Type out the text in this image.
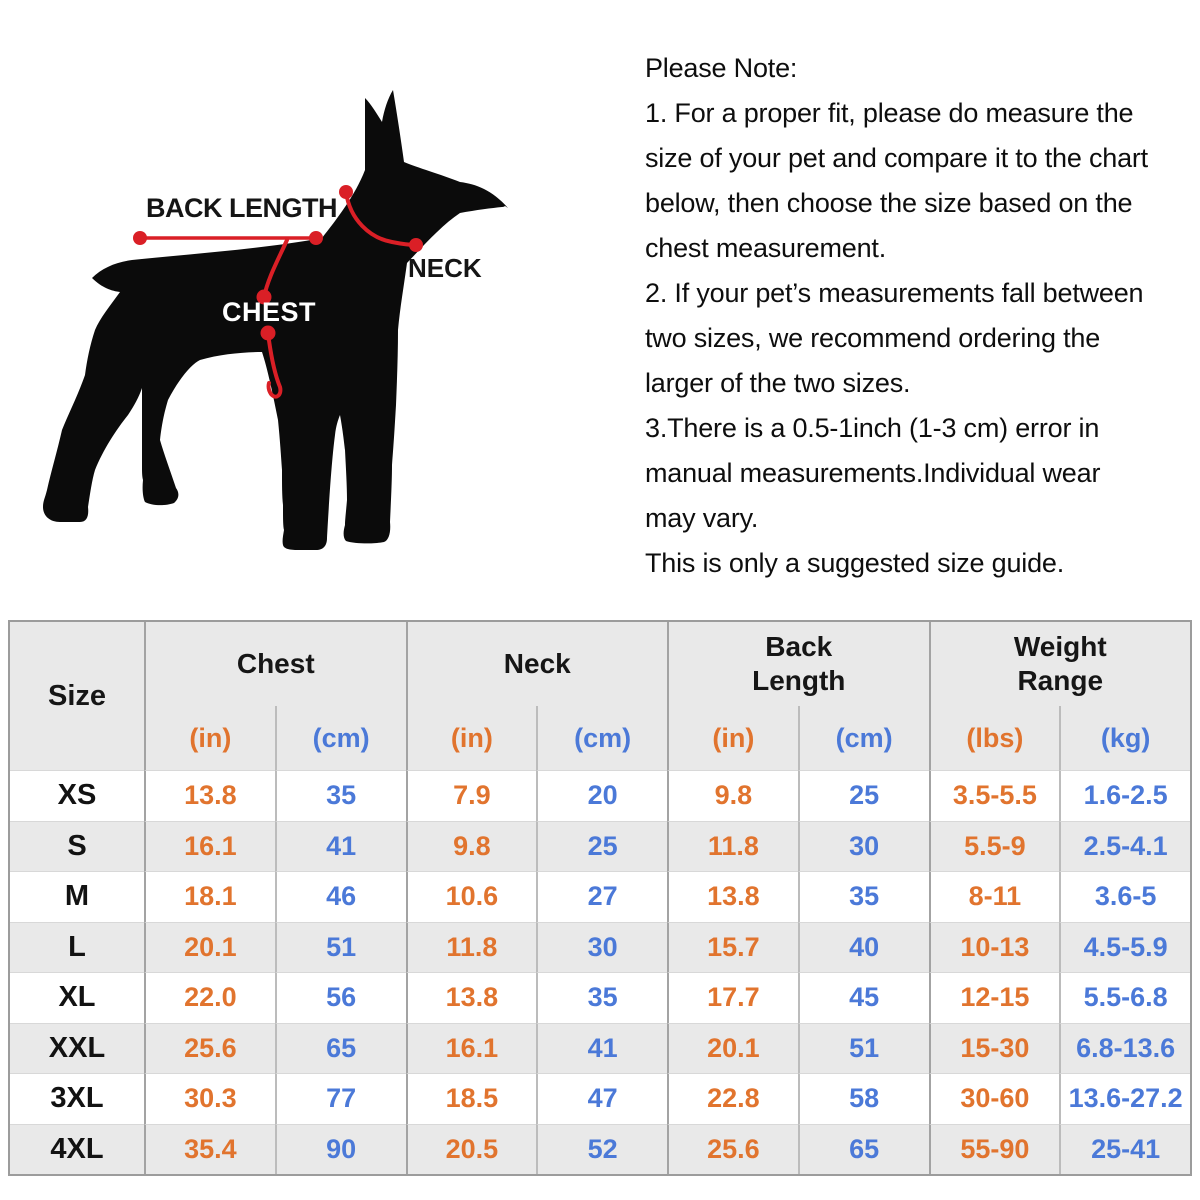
BACK LENGTH
NECK
CHEST
Please Note:
1. For a proper fit, please do measure the
size of your pet and compare it to the chart
below, then choose the size based on the
chest measurement.
2. If your pet’s measurements fall between
two sizes, we recommend ordering the
larger of the two sizes.
3.There is a 0.5-1inch (1-3 cm) error in
manual measurements.Individual wear
may vary.
This is only a suggested size guide.
Size
Chest	Neck
Back Length
Weight Range
(in)	(cm)	(in)	(cm)	(in)	(cm)	(lbs)	(kg)
XS	13.8	35	7.9	20	9.8	25	3.5-5.5	1.6-2.5
S	16.1	41	9.8	25	11.8	30	5.5-9	2.5-4.1
M	18.1	46	10.6	27	13.8	35	8-11	3.6-5
L	20.1	51	11.8	30	15.7	40	10-13	4.5-5.9
XL	22.0	56	13.8	35	17.7	45	12-15	5.5-6.8
XXL	25.6	65	16.1	41	20.1	51	15-30	6.8-13.6
3XL	30.3	77	18.5	47	22.8	58	30-60	13.6-27.2
4XL	35.4	90	20.5	52	25.6	65	55-90	25-41
